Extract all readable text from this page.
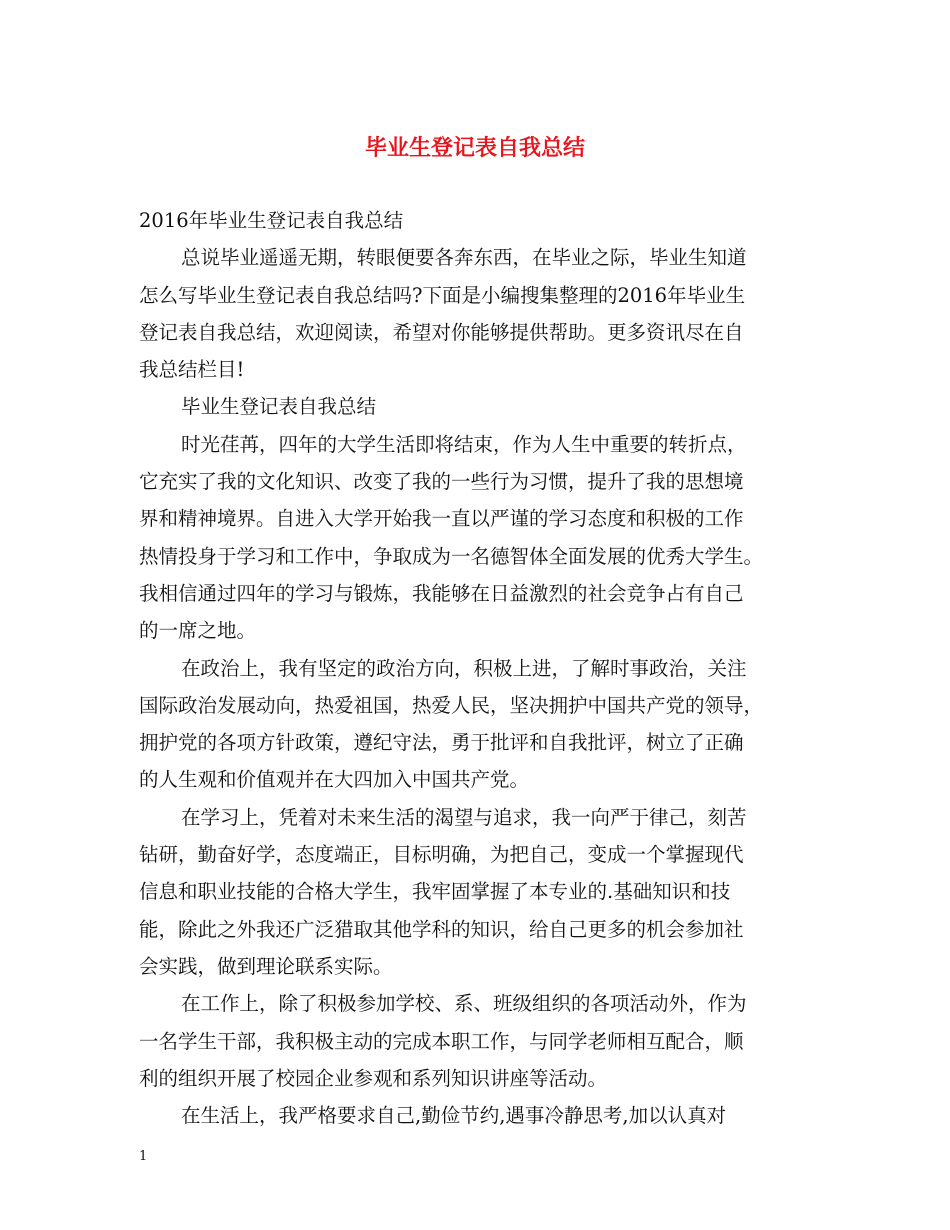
毕业生登记表自我总结
2016年毕业生登记表自我总结
总说毕业遥遥无期，转眼便要各奔东西，在毕业之际，毕业生知道
怎么写毕业生登记表自我总结吗?下面是小编搜集整理的2016年毕业生
登记表自我总结，欢迎阅读，希望对你能够提供帮助。更多资讯尽在自
我总结栏目!
毕业生登记表自我总结
时光荏苒，四年的大学生活即将结束，作为人生中重要的转折点，
它充实了我的文化知识、改变了我的一些行为习惯，提升了我的思想境
界和精神境界。自进入大学开始我一直以严谨的学习态度和积极的工作
热情投身于学习和工作中，争取成为一名德智体全面发展的优秀大学生。
我相信通过四年的学习与锻炼，我能够在日益激烈的社会竞争占有自己
的一席之地。
在政治上，我有坚定的政治方向，积极上进，了解时事政治，关注
国际政治发展动向，热爱祖国，热爱人民，坚决拥护中国共产党的领导，
拥护党的各项方针政策，遵纪守法，勇于批评和自我批评，树立了正确
的人生观和价值观并在大四加入中国共产党。
在学习上，凭着对未来生活的渴望与追求，我一向严于律己，刻苦
钻研，勤奋好学，态度端正，目标明确，为把自己，变成一个掌握现代
信息和职业技能的合格大学生，我牢固掌握了本专业的.基础知识和技
能，除此之外我还广泛猎取其他学科的知识，给自己更多的机会参加社
会实践，做到理论联系实际。
在工作上，除了积极参加学校、系、班级组织的各项活动外，作为
一名学生干部，我积极主动的完成本职工作，与同学老师相互配合，顺
利的组织开展了校园企业参观和系列知识讲座等活动。
在生活上，我严格要求自己,勤俭节约,遇事冷静思考,加以认真对
1
